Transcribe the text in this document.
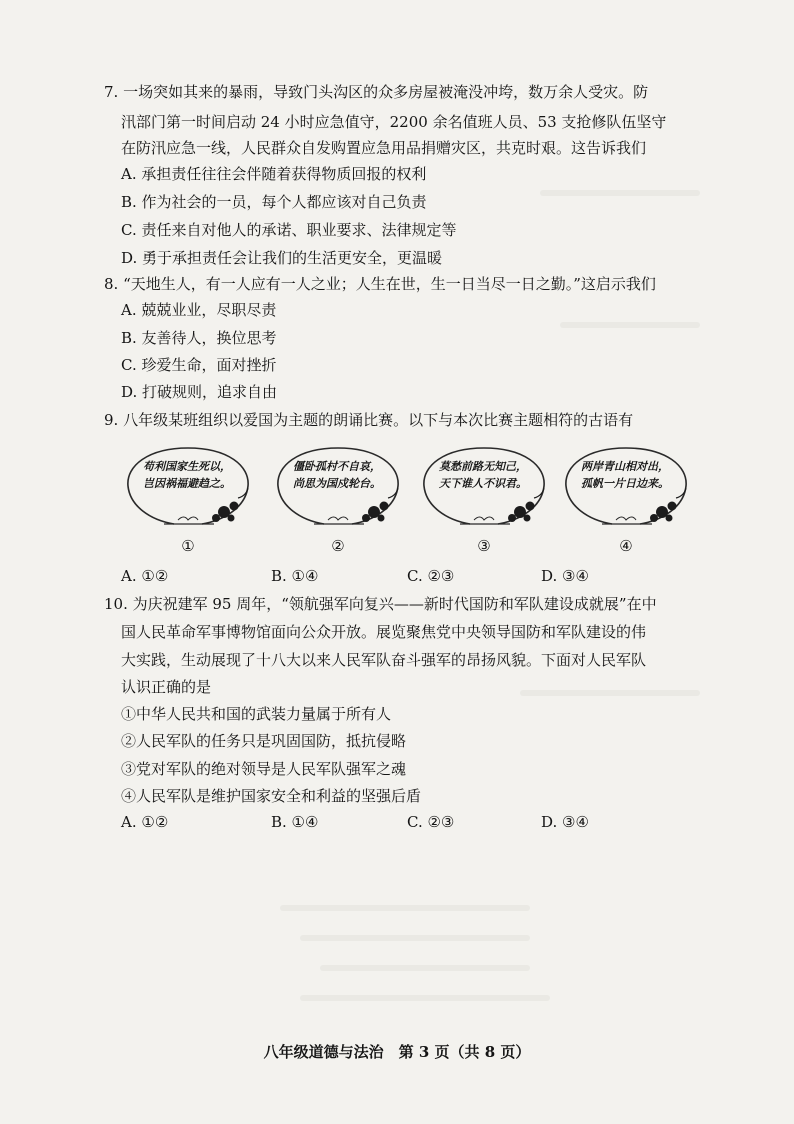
7. 一场突如其来的暴雨，导致门头沟区的众多房屋被淹没冲垮，数万余人受灾。防
汛部门第一时间启动 24 小时应急值守，2200 余名值班人员、53 支抢修队伍坚守
在防汛应急一线，人民群众自发购置应急用品捐赠灾区，共克时艰。这告诉我们
A. 承担责任往往会伴随着获得物质回报的权利
B. 作为社会的一员，每个人都应该对自己负责
C. 责任来自对他人的承诺、职业要求、法律规定等
D. 勇于承担责任会让我们的生活更安全，更温暖
8. “天地生人，有一人应有一人之业；人生在世，生一日当尽一日之勤。”这启示我们
A. 兢兢业业，尽职尽责
B. 友善待人，换位思考
C. 珍爱生命，面对挫折
D. 打破规则，追求自由
9. 八年级某班组织以爱国为主题的朗诵比赛。以下与本次比赛主题相符的古语有
苟利国家生死以，
岂因祸福避趋之。
①
僵卧孤村不自哀，
尚思为国戍轮台。
②
莫愁前路无知己，
天下谁人不识君。
③
两岸青山相对出，
孤帆一片日边来。
④
A. ①②	B. ①④	C. ②③	D. ③④
10. 为庆祝建军 95 周年，“领航强军向复兴——新时代国防和军队建设成就展”在中
国人民革命军事博物馆面向公众开放。展览聚焦党中央领导国防和军队建设的伟
大实践，生动展现了十八大以来人民军队奋斗强军的昂扬风貌。下面对人民军队
认识正确的是
①中华人民共和国的武装力量属于所有人
②人民军队的任务只是巩固国防，抵抗侵略
③党对军队的绝对领导是人民军队强军之魂
④人民军队是维护国家安全和利益的坚强后盾
A. ①②	B. ①④	C. ②③	D. ③④
八年级道德与法治　第 3 页（共 8 页）
